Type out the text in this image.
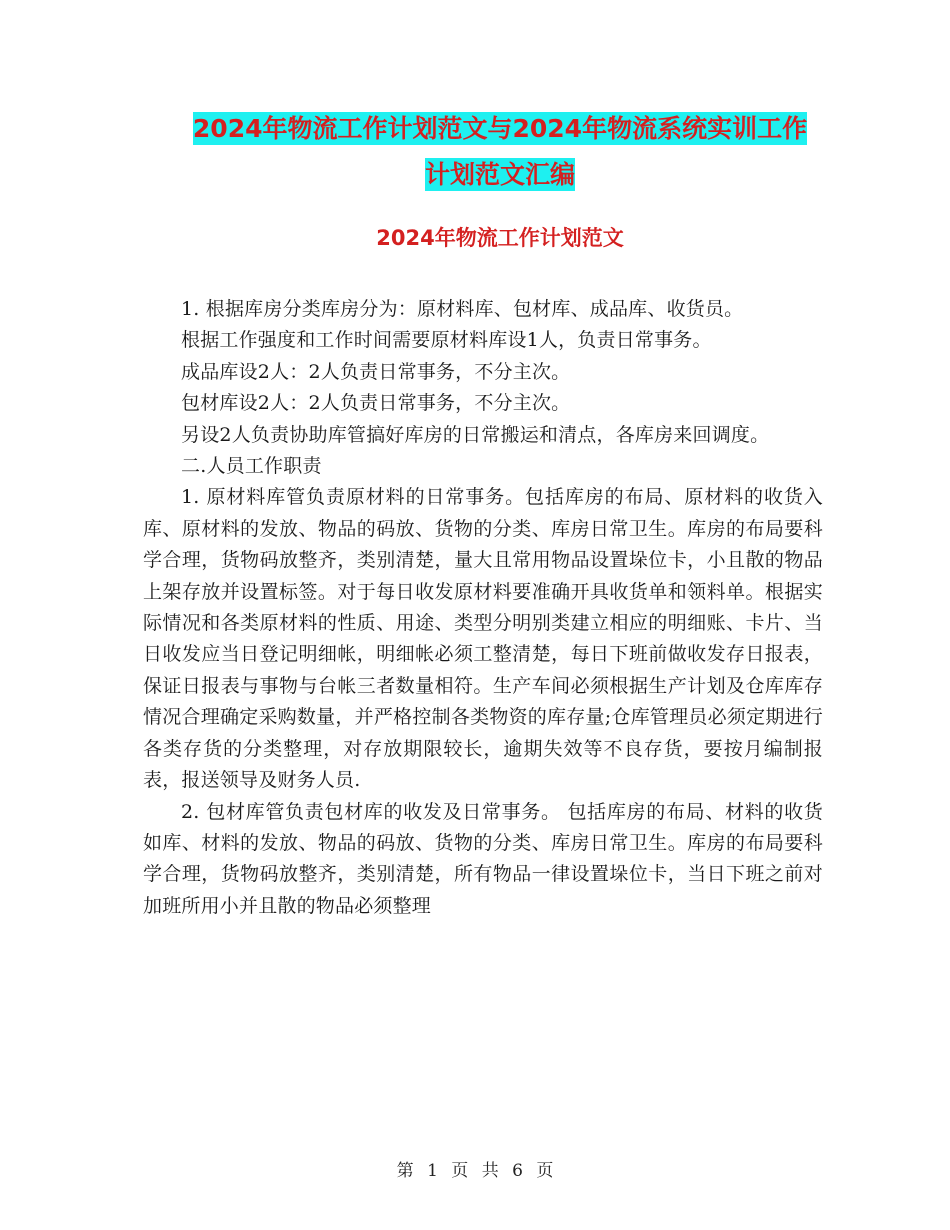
2024年物流工作计划范文与2024年物流系统实训工作
计划范文汇编
2024年物流工作计划范文

1. 根据库房分类库房分为：原材料库、包材库、成品库、收货员。

根据工作强度和工作时间需要原材料库设1人，负责日常事务。

成品库设2人：2人负责日常事务，不分主次。

包材库设2人：2人负责日常事务，不分主次。

另设2人负责协助库管搞好库房的日常搬运和清点，各库房来回调度。

二.人员工作职责

1. 原材料库管负责原材料的日常事务。包括库房的布局、原材料的收货入库、原材料的发放、物品的码放、货物的分类、库房日常卫生。库房的布局要科学合理，货物码放整齐，类别清楚，量大且常用物品设置垛位卡，小且散的物品上架存放并设置标签。对于每日收发原材料要准确开具收货单和领料单。根据实际情况和各类原材料的性质、用途、类型分明别类建立相应的明细账、卡片、当日收发应当日登记明细帐，明细帐必须工整清楚，每日下班前做收发存日报表，保证日报表与事物与台帐三者数量相符。生产车间必须根据生产计划及仓库库存情况合理确定采购数量，并严格控制各类物资的库存量;仓库管理员必须定期进行各类存货的分类整理，对存放期限较长，逾期失效等不良存货，要按月编制报表，报送领导及财务人员.

2. 包材库管负责包材库的收发及日常事务。 包括库房的布局、材料的收货如库、材料的发放、物品的码放、货物的分类、库房日常卫生。库房的布局要科学合理，货物码放整齐，类别清楚，所有物品一律设置垛位卡，当日下班之前对加班所用小并且散的物品必须整理

第 1 页 共 6 页
